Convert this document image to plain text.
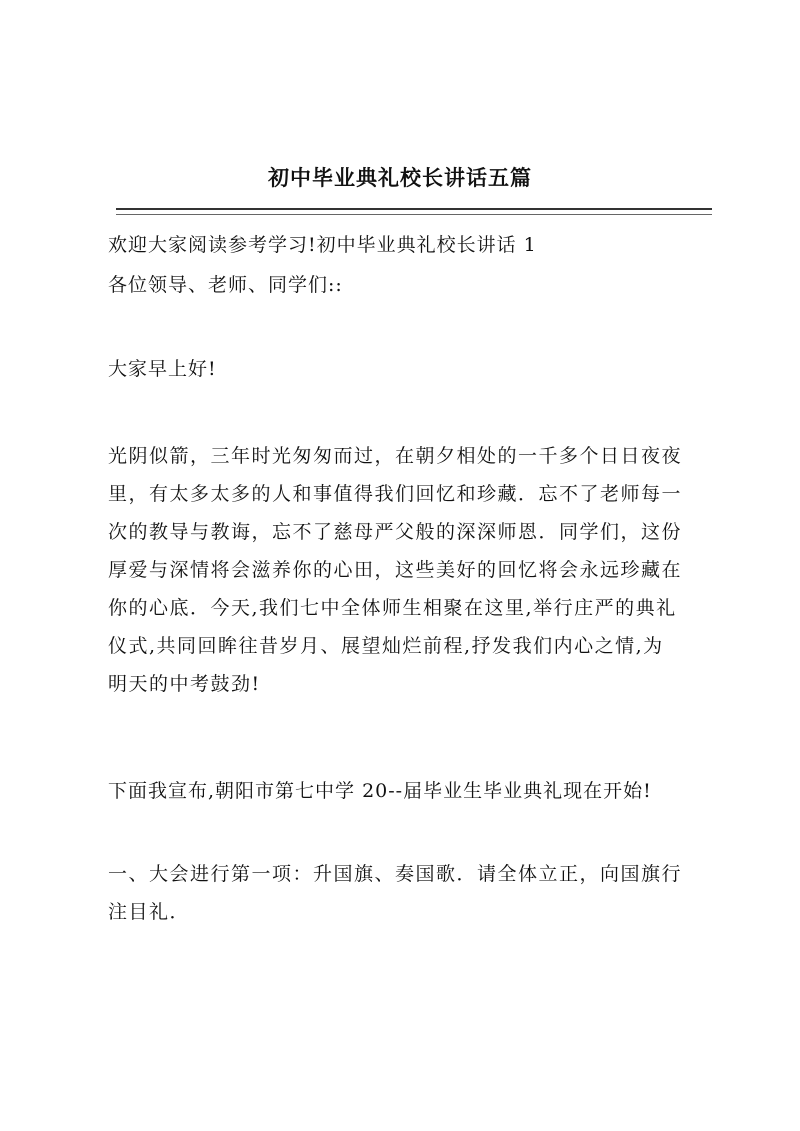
初中毕业典礼校长讲话五篇
欢迎大家阅读参考学习!初中毕业典礼校长讲话 1
各位领导、老师、同学们::
大家早上好!
光阴似箭，三年时光匆匆而过，在朝夕相处的一千多个日日夜夜
里，有太多太多的人和事值得我们回忆和珍藏．忘不了老师每一
次的教导与教诲，忘不了慈母严父般的深深师恩．同学们，这份
厚爱与深情将会滋养你的心田，这些美好的回忆将会永远珍藏在
你的心底．今天,我们七中全体师生相聚在这里,举行庄严的典礼
仪式,共同回眸往昔岁月、展望灿烂前程,抒发我们内心之情,为
明天的中考鼓劲!
下面我宣布,朝阳市第七中学 20--届毕业生毕业典礼现在开始!
一、大会进行第一项：升国旗、奏国歌．请全体立正，向国旗行
注目礼．
